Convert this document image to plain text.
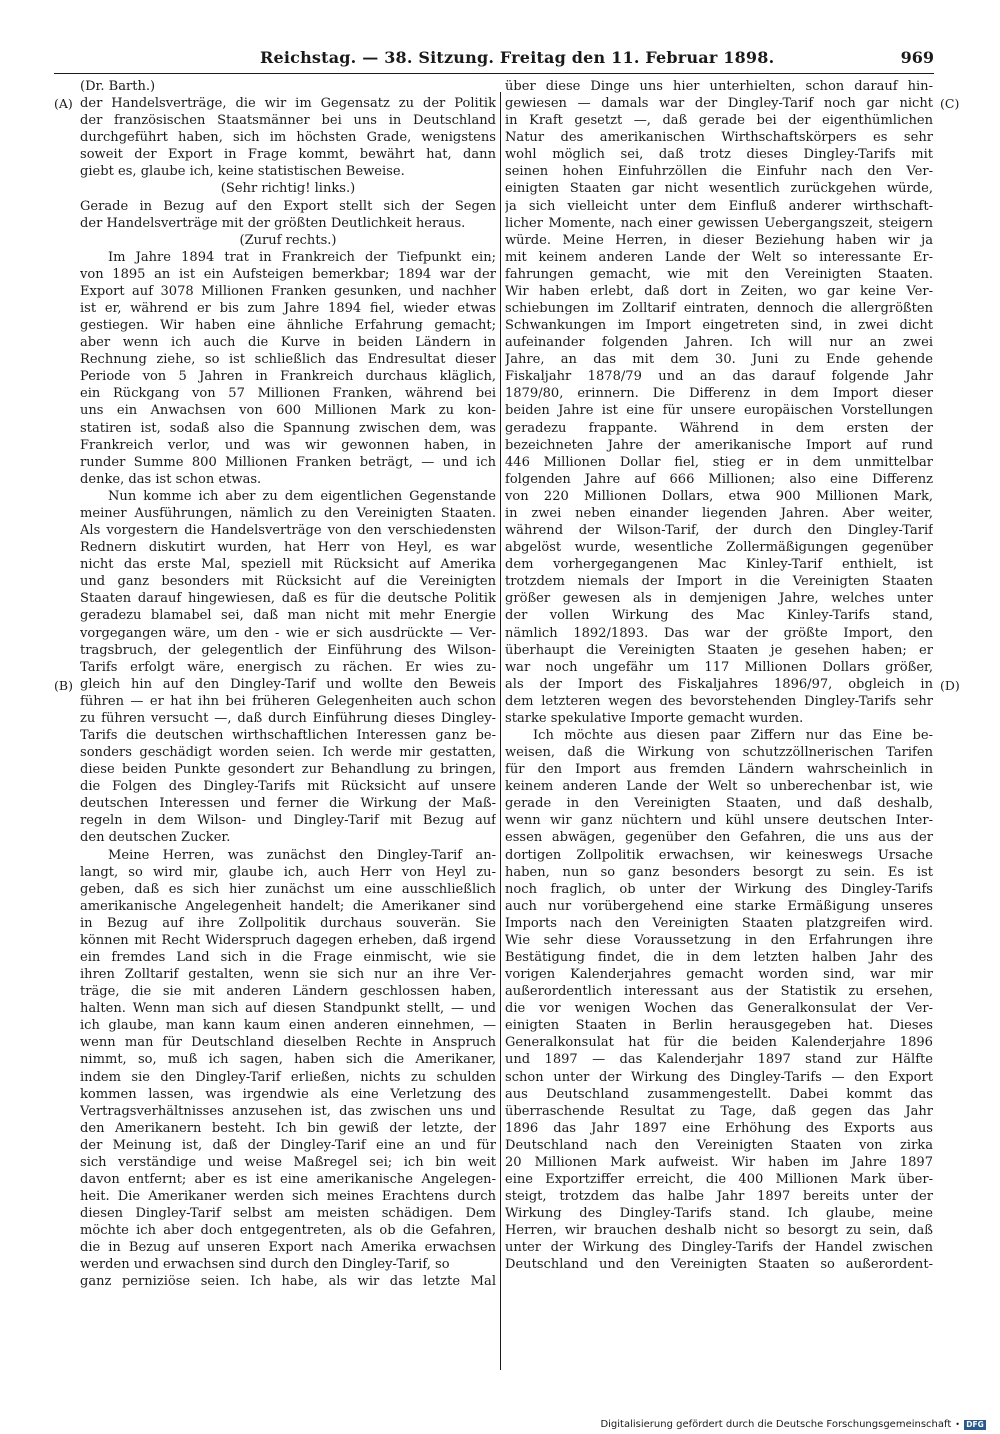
Reichstag. — 38. Sitzung. Freitag den 11. Februar 1898.	969
(A)
(B)
(C)
(D)
(Dr. Barth.)
der Handelsverträge, die wir im Gegensatz zu der Politik
der französischen Staatsmänner bei uns in Deutschland
durchgeführt haben, sich im höchsten Grade, wenigstens
soweit der Export in Frage kommt, bewährt hat, dann
giebt es, glaube ich, keine statistischen Beweise.
(Sehr richtig! links.)
Gerade in Bezug auf den Export stellt sich der Segen
der Handelsverträge mit der größten Deutlichkeit heraus.
(Zuruf rechts.)
Im Jahre 1894 trat in Frankreich der Tiefpunkt ein;
von 1895 an ist ein Aufsteigen bemerkbar; 1894 war der
Export auf 3078 Millionen Franken gesunken, und nachher
ist er, während er bis zum Jahre 1894 fiel, wieder etwas
gestiegen. Wir haben eine ähnliche Erfahrung gemacht;
aber wenn ich auch die Kurve in beiden Ländern in
Rechnung ziehe, so ist schließlich das Endresultat dieser
Periode von 5 Jahren in Frankreich durchaus kläglich,
ein Rückgang von 57 Millionen Franken, während bei
uns ein Anwachsen von 600 Millionen Mark zu kon-
statiren ist, sodaß also die Spannung zwischen dem, was
Frankreich verlor, und was wir gewonnen haben, in
runder Summe 800 Millionen Franken beträgt, — und ich
denke, das ist schon etwas.
Nun komme ich aber zu dem eigentlichen Gegenstande
meiner Ausführungen, nämlich zu den Vereinigten Staaten.
Als vorgestern die Handelsverträge von den verschiedensten
Rednern diskutirt wurden, hat Herr von Heyl, es war
nicht das erste Mal, speziell mit Rücksicht auf Amerika
und ganz besonders mit Rücksicht auf die Vereinigten
Staaten darauf hingewiesen, daß es für die deutsche Politik
geradezu blamabel sei, daß man nicht mit mehr Energie
vorgegangen wäre, um den - wie er sich ausdrückte — Ver-
tragsbruch, der gelegentlich der Einführung des Wilson-
Tarifs erfolgt wäre, energisch zu rächen. Er wies zu-
gleich hin auf den Dingley-Tarif und wollte den Beweis
führen — er hat ihn bei früheren Gelegenheiten auch schon
zu führen versucht —, daß durch Einführung dieses Dingley-
Tarifs die deutschen wirthschaftlichen Interessen ganz be-
sonders geschädigt worden seien. Ich werde mir gestatten,
diese beiden Punkte gesondert zur Behandlung zu bringen,
die Folgen des Dingley-Tarifs mit Rücksicht auf unsere
deutschen Interessen und ferner die Wirkung der Maß-
regeln in dem Wilson- und Dingley-Tarif mit Bezug auf
den deutschen Zucker.
Meine Herren, was zunächst den Dingley-Tarif an-
langt, so wird mir, glaube ich, auch Herr von Heyl zu-
geben, daß es sich hier zunächst um eine ausschließlich
amerikanische Angelegenheit handelt; die Amerikaner sind
in Bezug auf ihre Zollpolitik durchaus souverän. Sie
können mit Recht Widerspruch dagegen erheben, daß irgend
ein fremdes Land sich in die Frage einmischt, wie sie
ihren Zolltarif gestalten, wenn sie sich nur an ihre Ver-
träge, die sie mit anderen Ländern geschlossen haben,
halten. Wenn man sich auf diesen Standpunkt stellt, — und
ich glaube, man kann kaum einen anderen einnehmen, —
wenn man für Deutschland dieselben Rechte in Anspruch
nimmt, so, muß ich sagen, haben sich die Amerikaner,
indem sie den Dingley-Tarif erließen, nichts zu schulden
kommen lassen, was irgendwie als eine Verletzung des
Vertragsverhältnisses anzusehen ist, das zwischen uns und
den Amerikanern besteht. Ich bin gewiß der letzte, der
der Meinung ist, daß der Dingley-Tarif eine an und für
sich verständige und weise Maßregel sei; ich bin weit
davon entfernt; aber es ist eine amerikanische Angelegen-
heit. Die Amerikaner werden sich meines Erachtens durch
diesen Dingley-Tarif selbst am meisten schädigen. Dem
möchte ich aber doch entgegentreten, als ob die Gefahren,
die in Bezug auf unseren Export nach Amerika erwachsen
werden und erwachsen sind durch den Dingley-Tarif, so
ganz perniziöse seien. Ich habe, als wir das letzte Mal
über diese Dinge uns hier unterhielten, schon darauf hin-
gewiesen — damals war der Dingley-Tarif noch gar nicht
in Kraft gesetzt —, daß gerade bei der eigenthümlichen
Natur des amerikanischen Wirthschaftskörpers es sehr
wohl möglich sei, daß trotz dieses Dingley-Tarifs mit
seinen hohen Einfuhrzöllen die Einfuhr nach den Ver-
einigten Staaten gar nicht wesentlich zurückgehen würde,
ja sich vielleicht unter dem Einfluß anderer wirthschaft-
licher Momente, nach einer gewissen Uebergangszeit, steigern
würde. Meine Herren, in dieser Beziehung haben wir ja
mit keinem anderen Lande der Welt so interessante Er-
fahrungen gemacht, wie mit den Vereinigten Staaten.
Wir haben erlebt, daß dort in Zeiten, wo gar keine Ver-
schiebungen im Zolltarif eintraten, dennoch die allergrößten
Schwankungen im Import eingetreten sind, in zwei dicht
aufeinander folgenden Jahren. Ich will nur an zwei
Jahre, an das mit dem 30. Juni zu Ende gehende
Fiskaljahr 1878/79 und an das darauf folgende Jahr
1879/80, erinnern. Die Differenz in dem Import dieser
beiden Jahre ist eine für unsere europäischen Vorstellungen
geradezu frappante. Während in dem ersten der
bezeichneten Jahre der amerikanische Import auf rund
446 Millionen Dollar fiel, stieg er in dem unmittelbar
folgenden Jahre auf 666 Millionen; also eine Differenz
von 220 Millionen Dollars, etwa 900 Millionen Mark,
in zwei neben einander liegenden Jahren. Aber weiter,
während der Wilson-Tarif, der durch den Dingley-Tarif
abgelöst wurde, wesentliche Zollermäßigungen gegenüber
dem vorhergegangenen Mac Kinley-Tarif enthielt, ist
trotzdem niemals der Import in die Vereinigten Staaten
größer gewesen als in demjenigen Jahre, welches unter
der vollen Wirkung des Mac Kinley-Tarifs stand,
nämlich 1892/1893. Das war der größte Import, den
überhaupt die Vereinigten Staaten je gesehen haben; er
war noch ungefähr um 117 Millionen Dollars größer,
als der Import des Fiskaljahres 1896/97, obgleich in
dem letzteren wegen des bevorstehenden Dingley-Tarifs sehr
starke spekulative Importe gemacht wurden.
Ich möchte aus diesen paar Ziffern nur das Eine be-
weisen, daß die Wirkung von schutzzöllnerischen Tarifen
für den Import aus fremden Ländern wahrscheinlich in
keinem anderen Lande der Welt so unberechenbar ist, wie
gerade in den Vereinigten Staaten, und daß deshalb,
wenn wir ganz nüchtern und kühl unsere deutschen Inter-
essen abwägen, gegenüber den Gefahren, die uns aus der
dortigen Zollpolitik erwachsen, wir keineswegs Ursache
haben, nun so ganz besonders besorgt zu sein. Es ist
noch fraglich, ob unter der Wirkung des Dingley-Tarifs
auch nur vorübergehend eine starke Ermäßigung unseres
Imports nach den Vereinigten Staaten platzgreifen wird.
Wie sehr diese Voraussetzung in den Erfahrungen ihre
Bestätigung findet, die in dem letzten halben Jahr des
vorigen Kalenderjahres gemacht worden sind, war mir
außerordentlich interessant aus der Statistik zu ersehen,
die vor wenigen Wochen das Generalkonsulat der Ver-
einigten Staaten in Berlin herausgegeben hat. Dieses
Generalkonsulat hat für die beiden Kalenderjahre 1896
und 1897 — das Kalenderjahr 1897 stand zur Hälfte
schon unter der Wirkung des Dingley-Tarifs — den Export
aus Deutschland zusammengestellt. Dabei kommt das
überraschende Resultat zu Tage, daß gegen das Jahr
1896 das Jahr 1897 eine Erhöhung des Exports aus
Deutschland nach den Vereinigten Staaten von zirka
20 Millionen Mark aufweist. Wir haben im Jahre 1897
eine Exportziffer erreicht, die 400 Millionen Mark über-
steigt, trotzdem das halbe Jahr 1897 bereits unter der
Wirkung des Dingley-Tarifs stand. Ich glaube, meine
Herren, wir brauchen deshalb nicht so besorgt zu sein, daß
unter der Wirkung des Dingley-Tarifs der Handel zwischen
Deutschland und den Vereinigten Staaten so außerordent-
Digitalisierung gefördert durch die Deutsche Forschungsgemeinschaft • DFG
